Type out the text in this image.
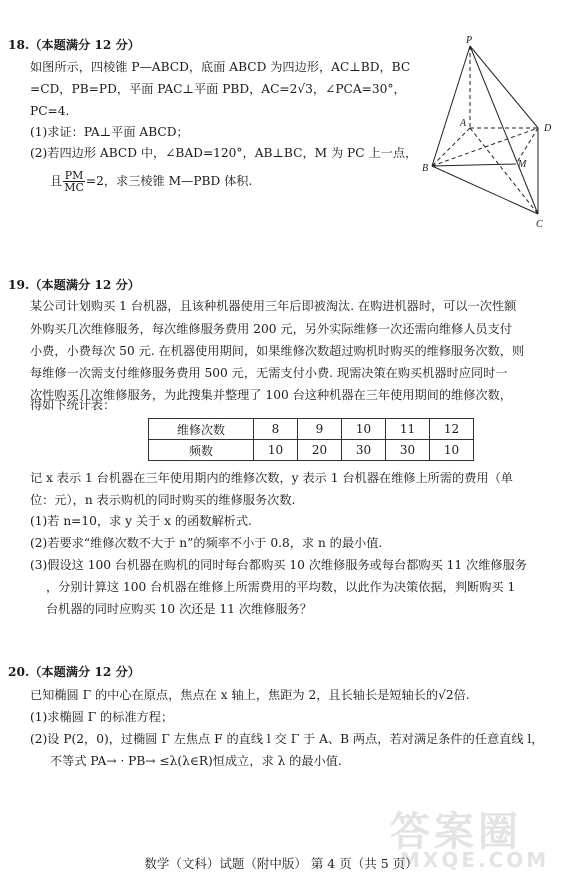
18.（本题满分 12 分）
如图所示，四棱锥 P—ABCD，底面 ABCD 为四边形，AC⊥BD，BC
=CD，PB=PD，平面 PAC⊥平面 PBD，AC=2√3，∠PCA=30°，
PC=4.
(1)求证：PA⊥平面 ABCD；
(2)若四边形 ABCD 中，∠BAD=120°，AB⊥BC，M 为 PC 上一点，
且 $\frac{PM}{MC} =2$，求三棱锥 M—PBD 体积.
P
A
B
C
D
M
19.（本题满分 12 分）
某公司计划购买 1 台机器，且该种机器使用三年后即被淘汰. 在购进机器时，可以一次性额
外购买几次维修服务，每次维修服务费用 200 元，另外实际维修一次还需向维修人员支付
小费，小费每次 50 元. 在机器使用期间，如果维修次数超过购机时购买的维修服务次数，则
每维修一次需支付维修服务费用 500 元，无需支付小费. 现需决策在购买机器时应同时一
次性购买几次维修服务，为此搜集并整理了 100 台这种机器在三年使用期间的维修次数，
得如下统计表：
维修次数	8	9	10	11	12
频数	10	20	30	30	10
记 x 表示 1 台机器在三年使用期内的维修次数，y 表示 1 台机器在维修上所需的费用（单
位：元），n 表示购机的同时购买的维修服务次数.
(1)若 n=10，求 y 关于 x 的函数解析式.
(2)若要求“维修次数不大于 n”的频率不小于 0.8，求 n 的最小值.
(3)假设这 100 台机器在购机的同时每台都购买 10 次维修服务或每台都购买 11 次维修服务
，分别计算这 100 台机器在维修上所需费用的平均数，以此作为决策依据，判断购买 1
台机器的同时应购买 10 次还是 11 次维修服务？
20.（本题满分 12 分）
已知椭圆 Γ 的中心在原点，焦点在 x 轴上，焦距为 2，且长轴长是短轴长的√2倍.
(1)求椭圆 Γ 的标准方程；
(2)设 P(2，0)，过椭圆 Γ 左焦点 F 的直线 l 交 Γ 于 A、B 两点，若对满足条件的任意直线 l，
不等式 PA→ · PB→ ≤λ(λ∈R)恒成立，求 λ 的最小值.
答案圈
MXQE.COM
数学（文科）试题（附中版） 第 4 页（共 5 页）
